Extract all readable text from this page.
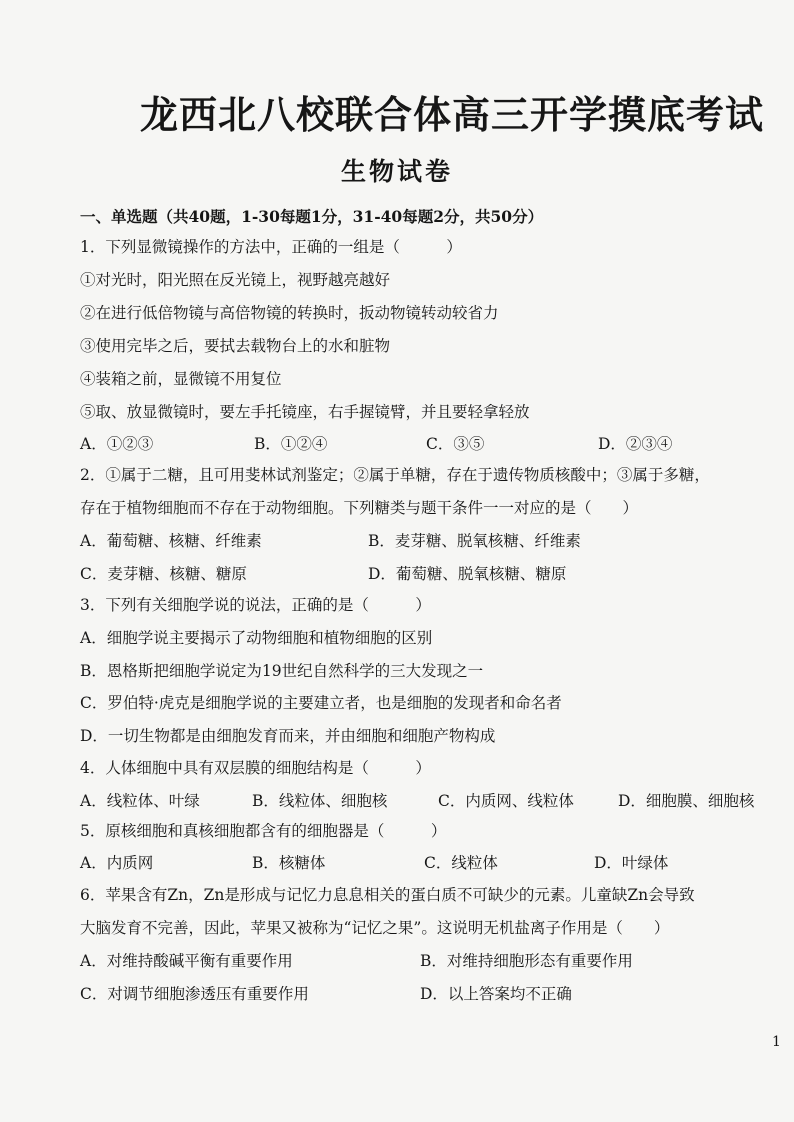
龙西北八校联合体高三开学摸底考试
生物试卷
一、单选题（共40题，1-30每题1分，31-40每题2分，共50分）
1．下列显微镜操作的方法中，正确的一组是（　　　）
①对光时，阳光照在反光镜上，视野越亮越好
②在进行低倍物镜与高倍物镜的转换时，扳动物镜转动较省力
③使用完毕之后，要拭去载物台上的水和脏物
④装箱之前，显微镜不用复位
⑤取、放显微镜时，要左手托镜座，右手握镜臂，并且要轻拿轻放
A．①②③	B．①②④	C．③⑤	D．②③④
2．①属于二糖，且可用斐林试剂鉴定；②属于单糖，存在于遗传物质核酸中；③属于多糖，
存在于植物细胞而不存在于动物细胞。下列糖类与题干条件一一对应的是（　　）
A．葡萄糖、核糖、纤维素	B．麦芽糖、脱氧核糖、纤维素
C．麦芽糖、核糖、糖原	D．葡萄糖、脱氧核糖、糖原
3．下列有关细胞学说的说法，正确的是（　　　）
A．细胞学说主要揭示了动物细胞和植物细胞的区别
B．恩格斯把细胞学说定为19世纪自然科学的三大发现之一
C．罗伯特·虎克是细胞学说的主要建立者，也是细胞的发现者和命名者
D．一切生物都是由细胞发育而来，并由细胞和细胞产物构成
4．人体细胞中具有双层膜的细胞结构是（　　　）
A．线粒体、叶绿	B．线粒体、细胞核	C．内质网、线粒体	D．细胞膜、细胞核
5．原核细胞和真核细胞都含有的细胞器是（　　　）
A．内质网	B．核糖体	C．线粒体	D．叶绿体
6．苹果含有Zn，Zn是形成与记忆力息息相关的蛋白质不可缺少的元素。儿童缺Zn会导致
大脑发育不完善，因此，苹果又被称为“记忆之果”。这说明无机盐离子作用是（　　）
A．对维持酸碱平衡有重要作用	B．对维持细胞形态有重要作用
C．对调节细胞渗透压有重要作用	D．以上答案均不正确
1
